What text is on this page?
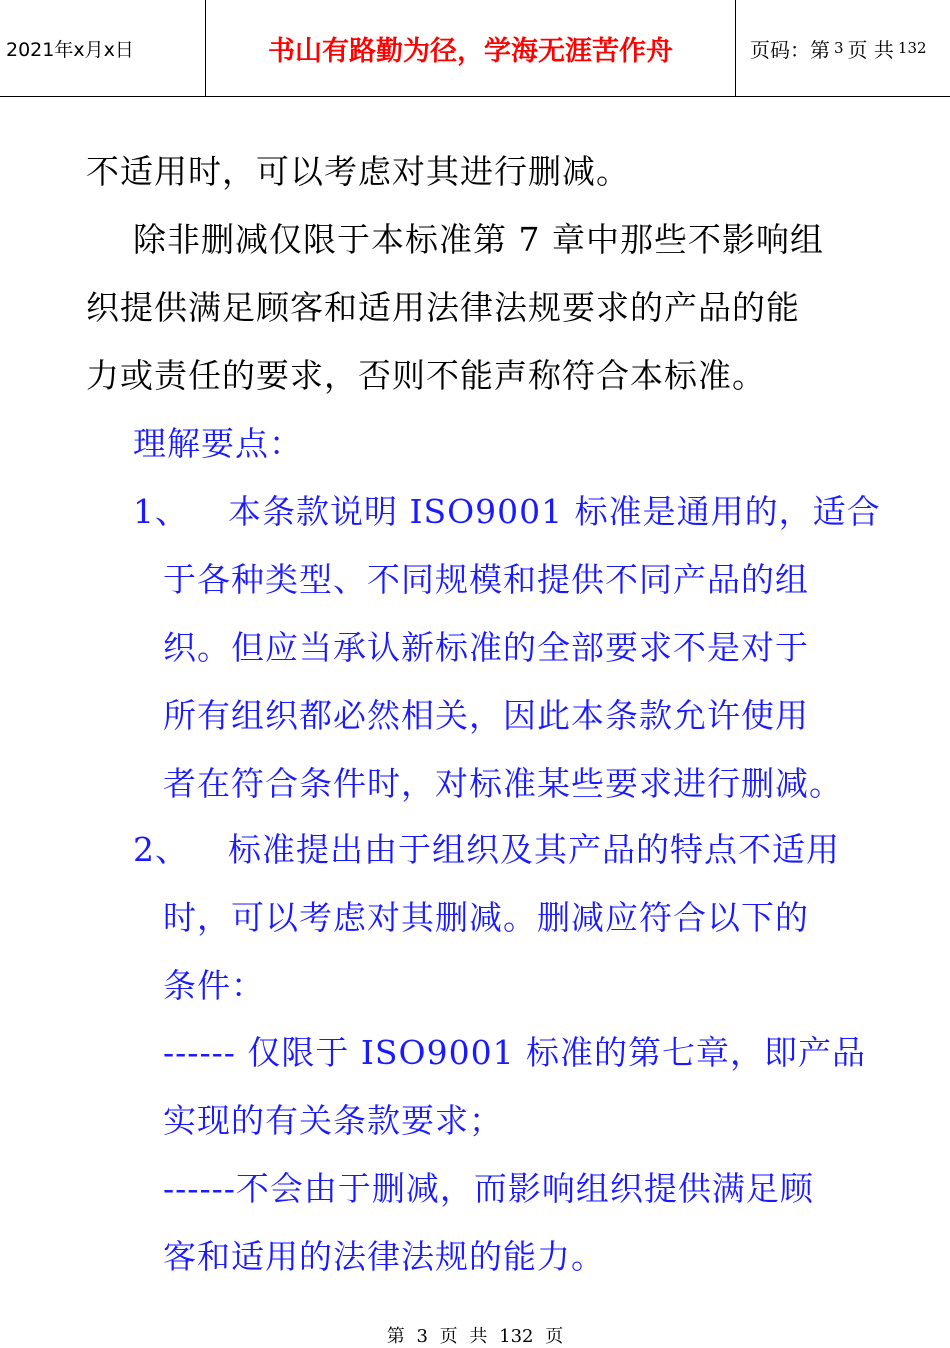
2021年x月x日	书山有路勤为径，学海无涯苦作舟	页码：第 3 页 共 132
不适用时，可以考虑对其进行删减。
除非删减仅限于本标准第 7 章中那些不影响组
织提供满足顾客和适用法律法规要求的产品的能
力或责任的要求，否则不能声称符合本标准。
理解要点：
1、 本条款说明 ISO9001 标准是通用的，适合
于各种类型、不同规模和提供不同产品的组
织。但应当承认新标准的全部要求不是对于
所有组织都必然相关，因此本条款允许使用
者在符合条件时，对标准某些要求进行删减。
2、 标准提出由于组织及其产品的特点不适用
时，可以考虑对其删减。删减应符合以下的
条件：
------ 仅限于 ISO9001 标准的第七章，即产品
实现的有关条款要求；
------不会由于删减，而影响组织提供满足顾
客和适用的法律法规的能力。
第 3 页 共 132 页
